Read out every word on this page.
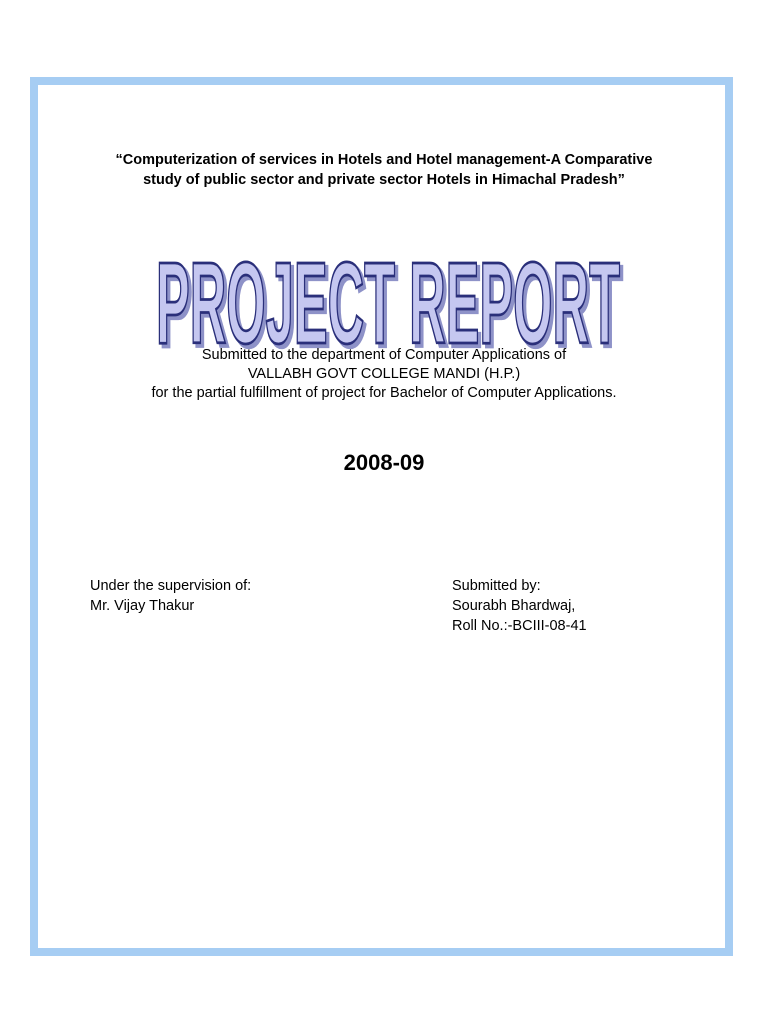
“Computerization of services in Hotels and Hotel management-A Comparative
study of public sector and private sector Hotels in Himachal Pradesh”
PROJECT REPORT
PROJECT REPORT
Submitted to the department of Computer Applications of
VALLABH GOVT COLLEGE MANDI (H.P.)
for the partial fulfillment of project for Bachelor of Computer Applications.
2008-09
Under the supervision of:
Mr. Vijay Thakur
Submitted by:
Sourabh Bhardwaj,
Roll No.:-BCIII-08-41
